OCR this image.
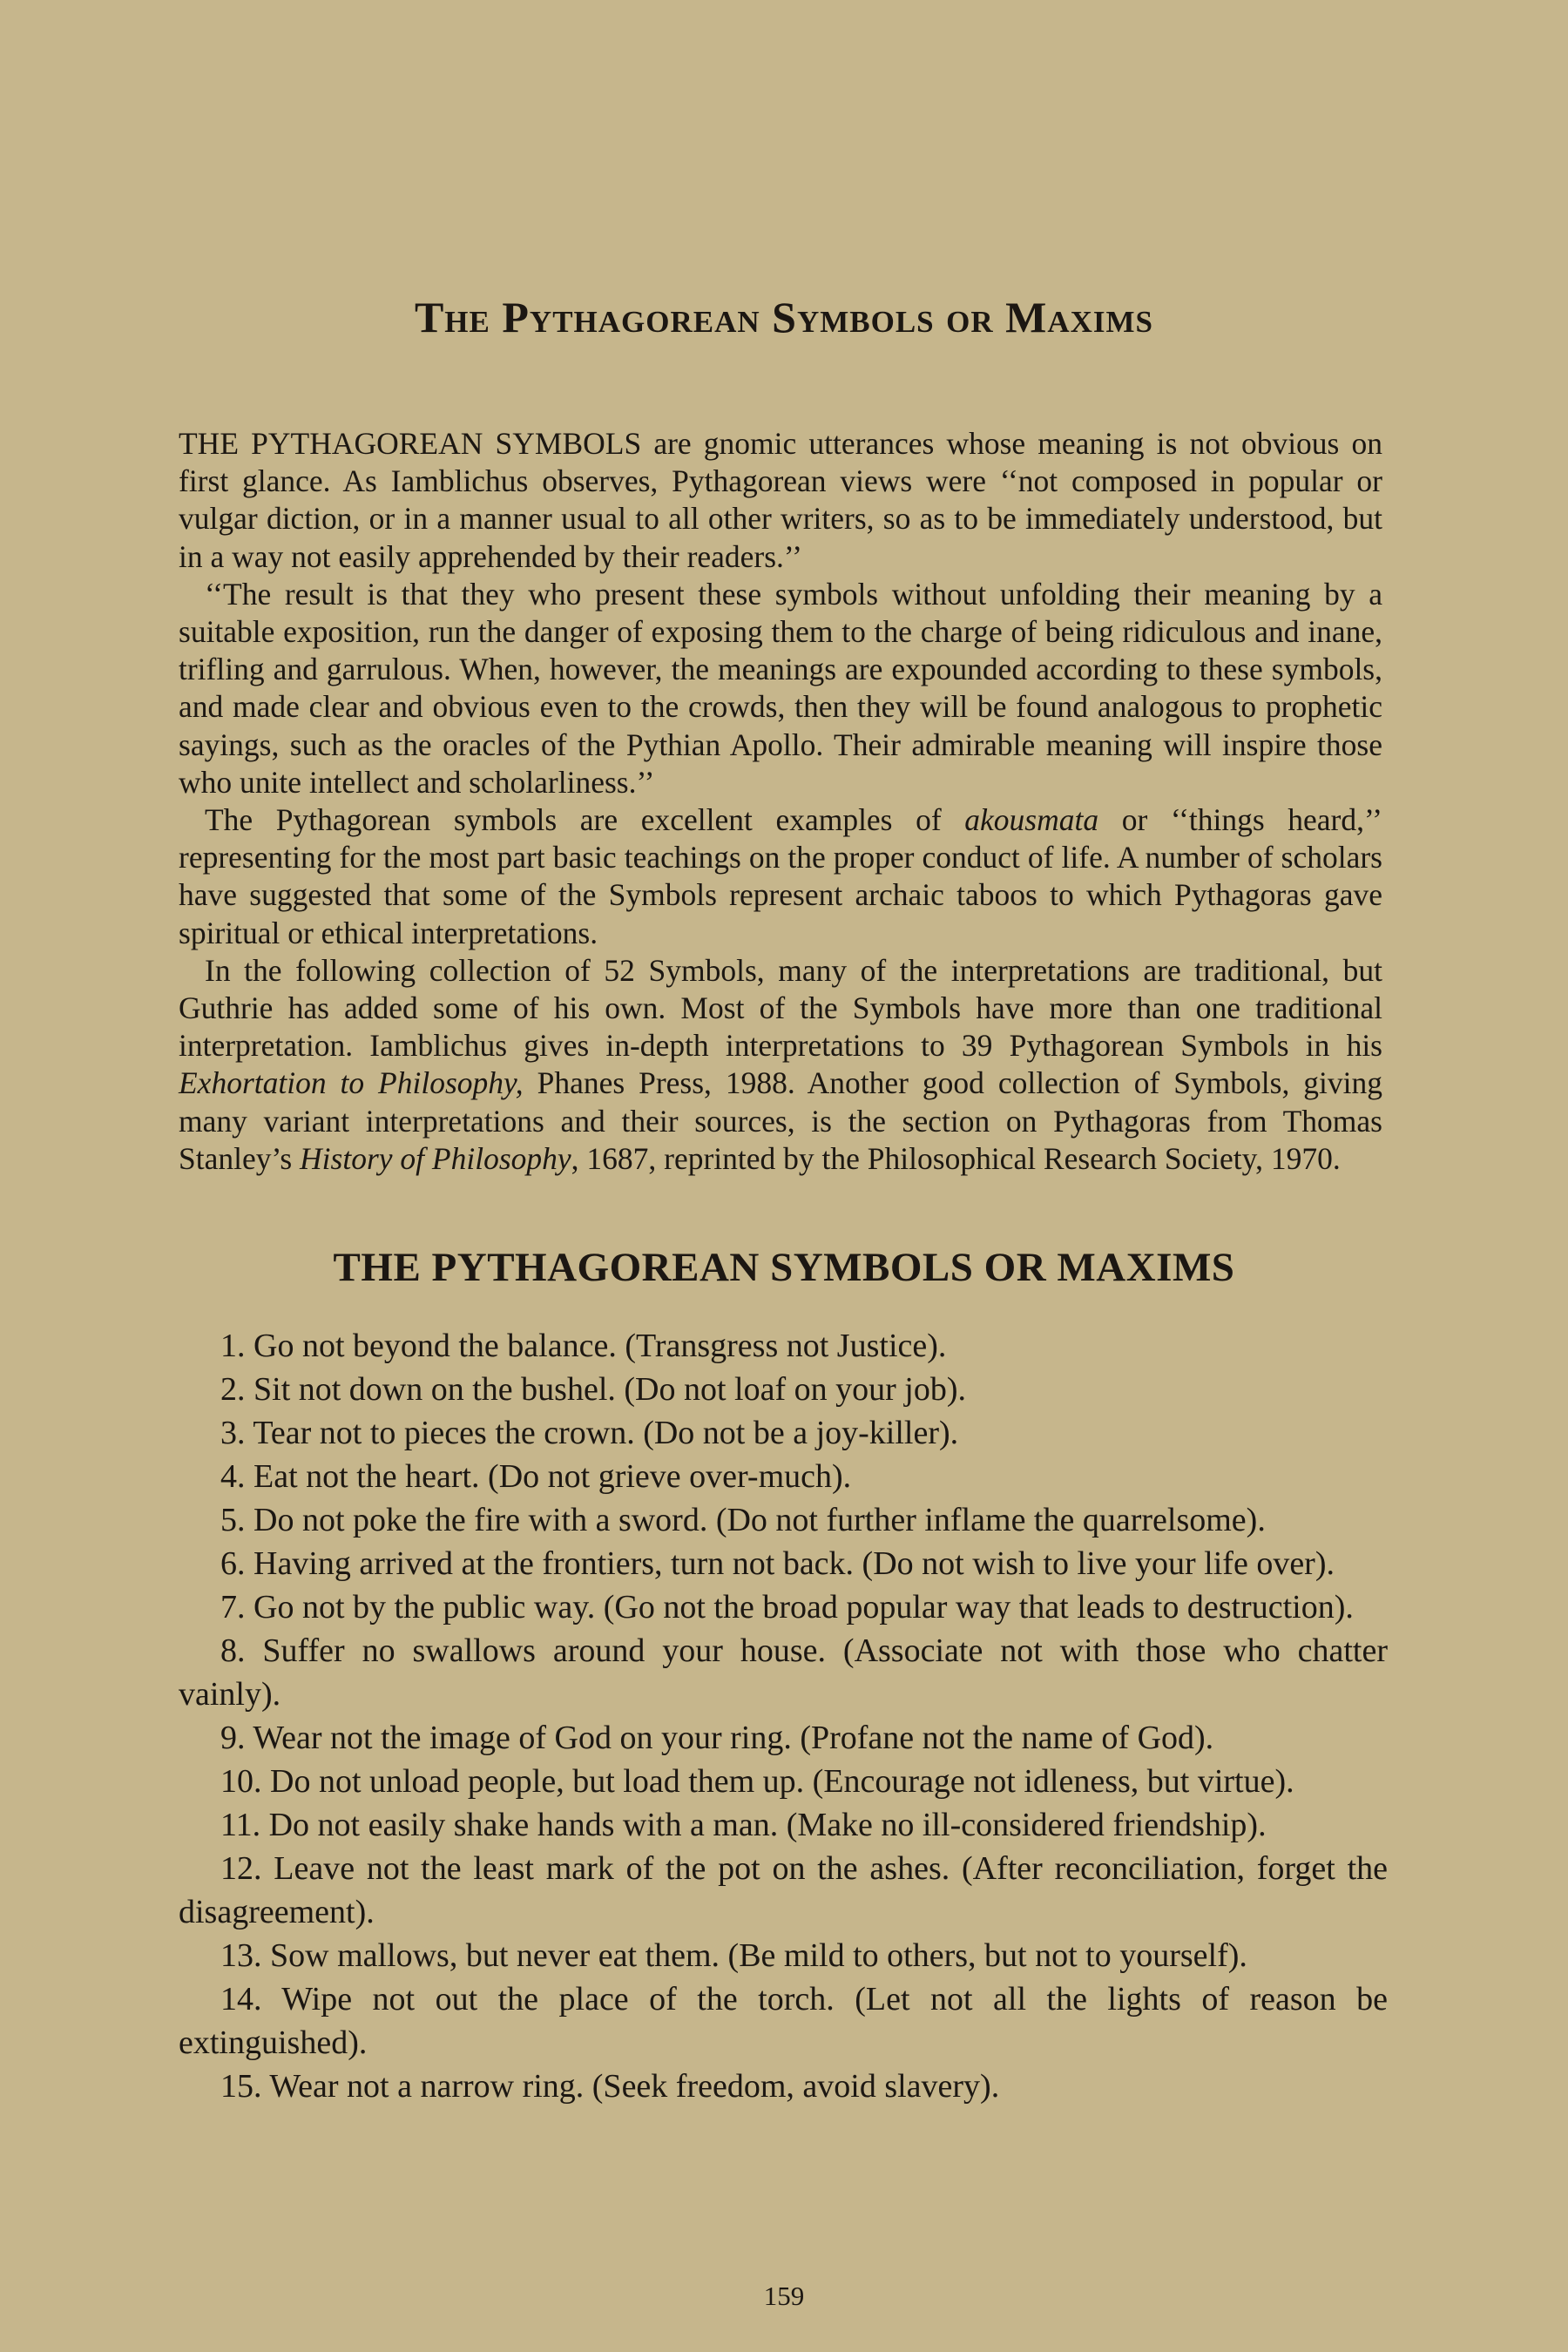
The Pythagorean Symbols or Maxims

THE PYTHAGOREAN SYMBOLS are gnomic utterances whose meaning is not obvious on first glance. As Iamblichus observes, Pythagorean views were ‘‘not composed in popular or vulgar diction, or in a manner usual to all other writers, so as to be immediately understood, but in a way not easily apprehended by their readers.’’

‘‘The result is that they who present these symbols without unfolding their meaning by a suitable exposition, run the danger of exposing them to the charge of being ridiculous and inane, trifling and garrulous. When, however, the meanings are expounded according to these symbols, and made clear and obvious even to the crowds, then they will be found analogous to prophetic sayings, such as the oracles of the Pythian Apollo. Their admirable meaning will inspire those who unite intellect and scholarliness.’’

The Pythagorean symbols are excellent examples of akousmata or ‘‘things heard,’’ representing for the most part basic teachings on the proper conduct of life. A number of scholars have suggested that some of the Symbols represent archaic taboos to which Pythagoras gave spiritual or ethical interpretations.

In the following collection of 52 Symbols, many of the interpretations are traditional, but Guthrie has added some of his own. Most of the Symbols have more than one traditional interpretation. Iamblichus gives in-depth interpretations to 39 Pythagorean Symbols in his Exhortation to Philosophy, Phanes Press, 1988. Another good collection of Symbols, giving many variant interpretations and their sources, is the section on Pythagoras from Thomas Stanley’s History of Philosophy, 1687, reprinted by the Philosophical Research Society, 1970.

THE PYTHAGOREAN SYMBOLS OR MAXIMS

1. Go not beyond the balance. (Transgress not Justice).

2. Sit not down on the bushel. (Do not loaf on your job).

3. Tear not to pieces the crown. (Do not be a joy-killer).

4. Eat not the heart. (Do not grieve over-much).

5. Do not poke the fire with a sword. (Do not further inflame the quarrelsome).

6. Having arrived at the frontiers, turn not back. (Do not wish to live your life over).

7. Go not by the public way. (Go not the broad popular way that leads to destruction).

8. Suffer no swallows around your house. (Associate not with those who chatter vainly).

9. Wear not the image of God on your ring. (Profane not the name of God).

10. Do not unload people, but load them up. (Encourage not idleness, but virtue).

11. Do not easily shake hands with a man. (Make no ill-considered friendship).

12. Leave not the least mark of the pot on the ashes. (After reconciliation, forget the disagreement).

13. Sow mallows, but never eat them. (Be mild to others, but not to yourself).

14. Wipe not out the place of the torch. (Let not all the lights of reason be extinguished).

15. Wear not a narrow ring. (Seek freedom, avoid slavery).

159
